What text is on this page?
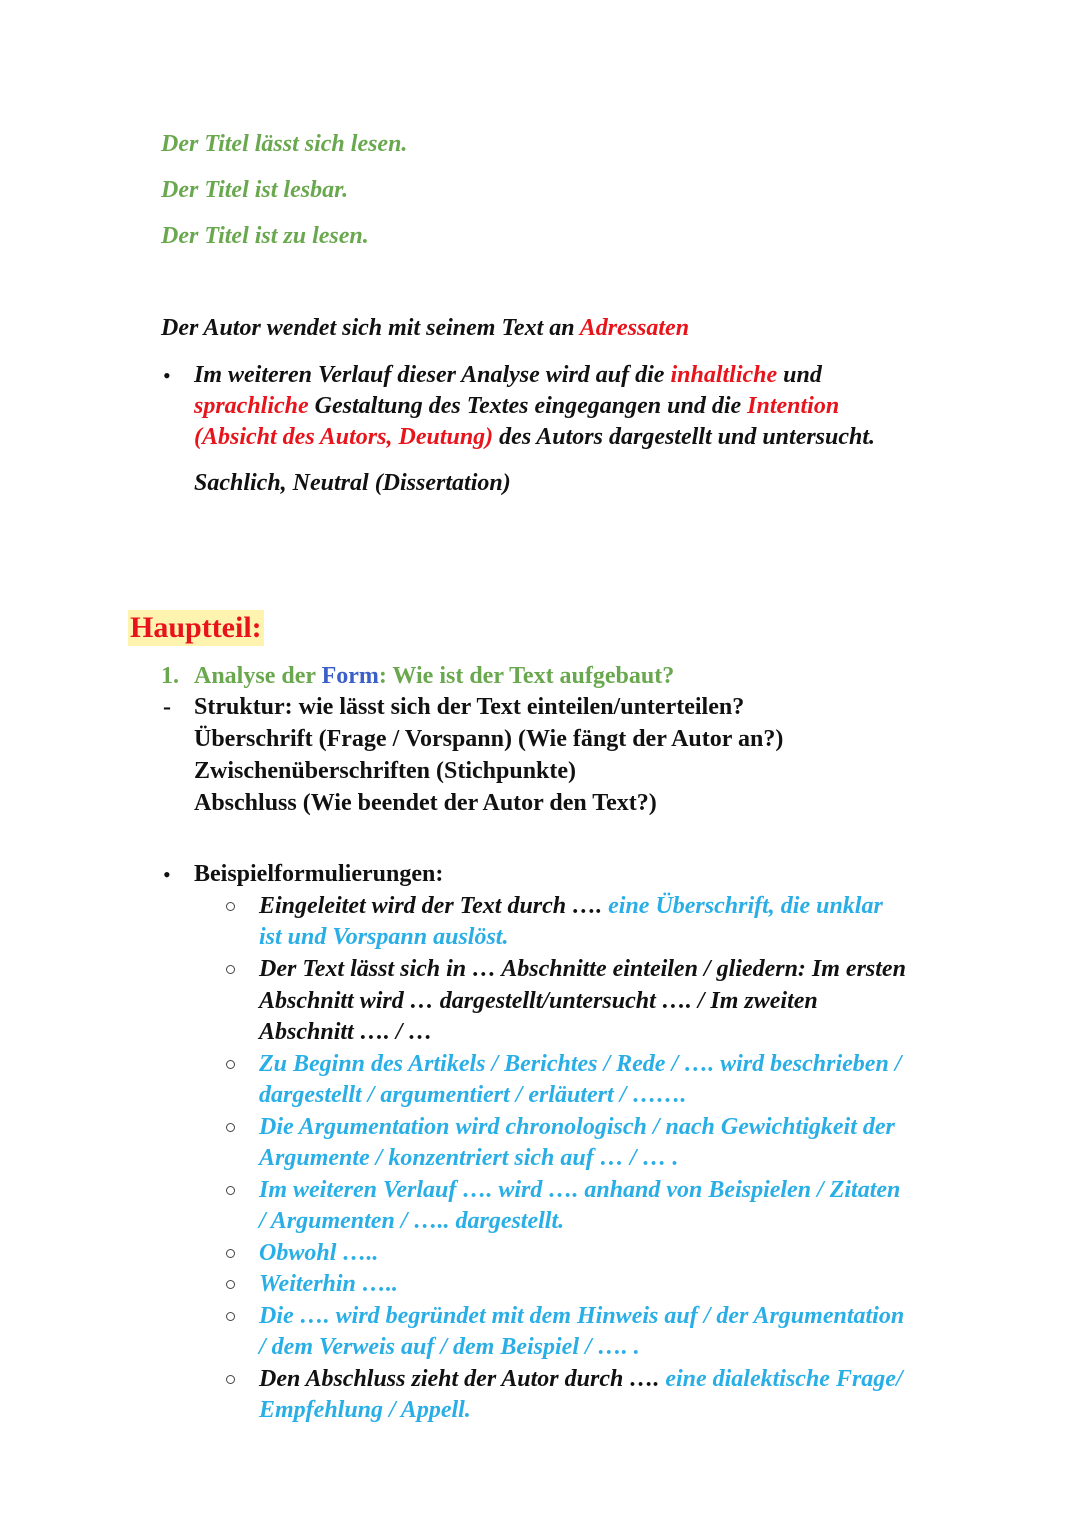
Der Titel lässt sich lesen.
Der Titel ist lesbar.
Der Titel ist zu lesen.
Der Autor wendet sich mit seinem Text an Adressaten
• Im weiteren Verlauf dieser Analyse wird auf die inhaltliche und
sprachliche Gestaltung des Textes eingegangen und die Intention
(Absicht des Autors, Deutung) des Autors dargestellt und untersucht.
Sachlich, Neutral (Dissertation)
Hauptteil:
1. Analyse der Form: Wie ist der Text aufgebaut?
- Struktur: wie lässt sich der Text einteilen/unterteilen?
Überschrift (Frage / Vorspann) (Wie fängt der Autor an?)
Zwischenüberschriften (Stichpunkte)
Abschluss (Wie beendet der Autor den Text?)
• Beispielformulierungen:
Eingeleitet wird der Text durch …. eine Überschrift, die unklar
ist und Vorspann auslöst.
Der Text lässt sich in … Abschnitte einteilen / gliedern: Im ersten
Abschnitt wird … dargestellt/untersucht …. / Im zweiten
Abschnitt …. / …
Zu Beginn des Artikels / Berichtes / Rede / …. wird beschrieben /
dargestellt / argumentiert / erläutert / …….
Die Argumentation wird chronologisch / nach Gewichtigkeit der
Argumente / konzentriert sich auf … / … .
Im weiteren Verlauf …. wird …. anhand von Beispielen / Zitaten
/ Argumenten / ….. dargestellt.
Obwohl …..
Weiterhin …..
Die …. wird begründet mit dem Hinweis auf / der Argumentation
/ dem Verweis auf / dem Beispiel / …. .
Den Abschluss zieht der Autor durch …. eine dialektische Frage/
Empfehlung / Appell.
